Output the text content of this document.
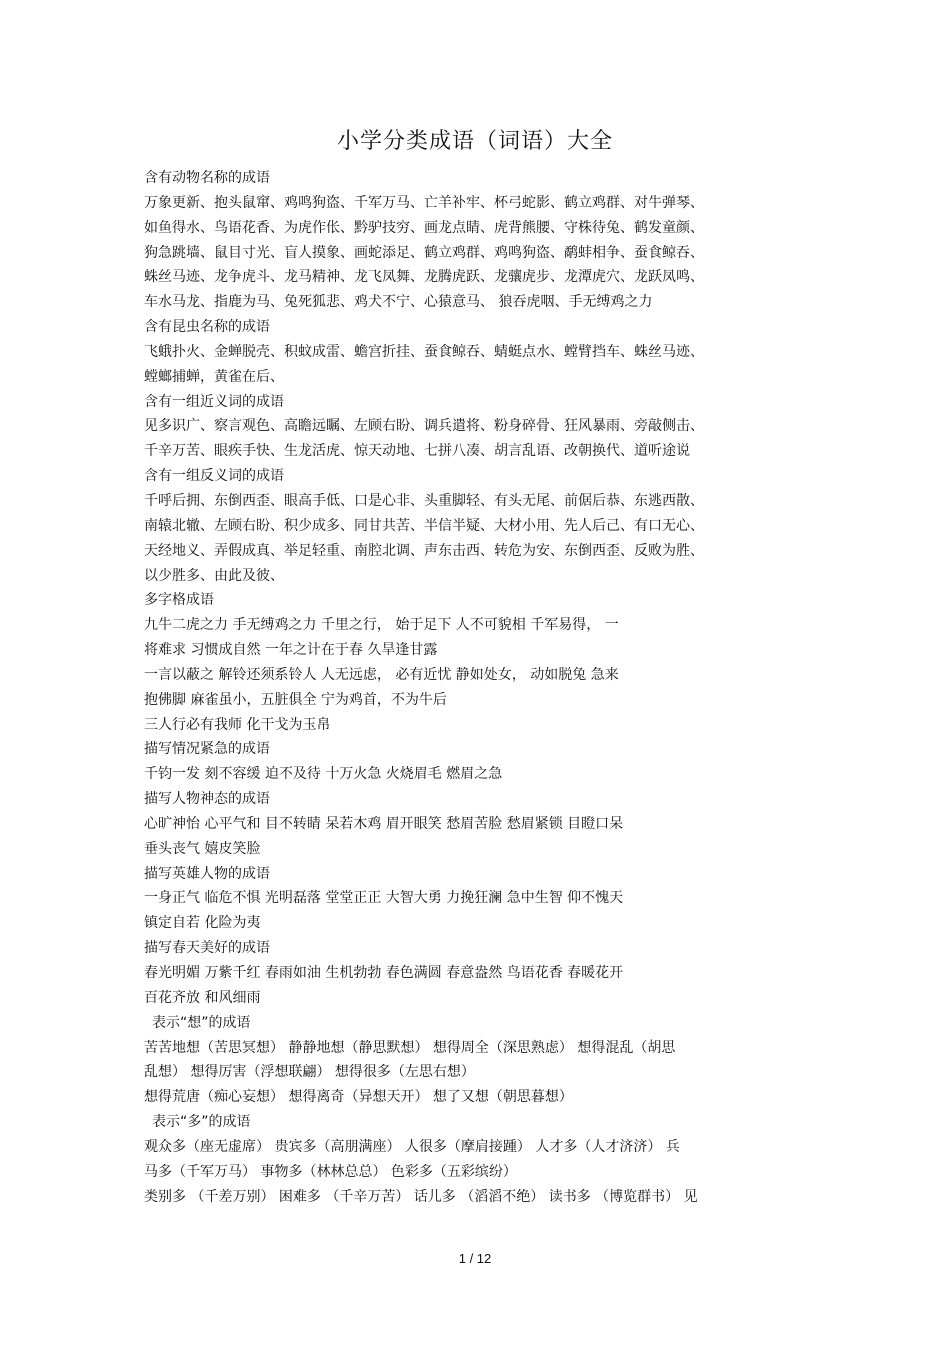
小学分类成语（词语）大全
含有动物名称的成语
万象更新、抱头鼠窜、鸡鸣狗盗、千军万马、亡羊补牢、杯弓蛇影、鹤立鸡群、对牛弹琴、
如鱼得水、鸟语花香、为虎作伥、黔驴技穷、画龙点睛、虎背熊腰、守株待兔、鹤发童颜、
狗急跳墙、鼠目寸光、盲人摸象、画蛇添足、鹤立鸡群、鸡鸣狗盗、鹬蚌相争、蚕食鲸吞、
蛛丝马迹、龙争虎斗、龙马精神、龙飞凤舞、龙腾虎跃、龙骧虎步、龙潭虎穴、龙跃凤鸣、
车水马龙、指鹿为马、兔死狐悲、鸡犬不宁、心猿意马、 狼吞虎咽、手无缚鸡之力
含有昆虫名称的成语
飞蛾扑火、金蝉脱壳、积蚊成雷、蟾宫折挂、蚕食鲸吞、蜻蜓点水、螳臂挡车、蛛丝马迹、
螳螂捕蝉，黄雀在后、
含有一组近义词的成语
见多识广、察言观色、高瞻远瞩、左顾右盼、调兵遣将、粉身碎骨、狂风暴雨、旁敲侧击、
千辛万苦、眼疾手快、生龙活虎、惊天动地、七拼八凑、胡言乱语、改朝换代、道听途说
含有一组反义词的成语
千呼后拥、东倒西歪、眼高手低、口是心非、头重脚轻、有头无尾、前倨后恭、东逃西散、
南辕北辙、左顾右盼、积少成多、同甘共苦、半信半疑、大材小用、先人后己、有口无心、
天经地义、弄假成真、举足轻重、南腔北调、声东击西、转危为安、东倒西歪、反败为胜、
以少胜多、由此及彼、
多字格成语
九牛二虎之力 手无缚鸡之力 千里之行， 始于足下 人不可貌相 千军易得， 一
将难求 习惯成自然 一年之计在于春 久旱逢甘露
一言以蔽之 解铃还须系铃人 人无远虑， 必有近忧 静如处女， 动如脱兔 急来
抱佛脚 麻雀虽小，五脏俱全 宁为鸡首，不为牛后
三人行必有我师 化干戈为玉帛
描写情况紧急的成语
千钧一发 刻不容缓 迫不及待 十万火急 火烧眉毛 燃眉之急
描写人物神态的成语
心旷神怡 心平气和 目不转睛 呆若木鸡 眉开眼笑 愁眉苦脸 愁眉紧锁 目瞪口呆
垂头丧气 嬉皮笑脸
描写英雄人物的成语
一身正气 临危不惧 光明磊落 堂堂正正 大智大勇 力挽狂澜 急中生智 仰不愧天
镇定自若 化险为夷
描写春天美好的成语
春光明媚 万紫千红 春雨如油 生机勃勃 春色满圆 春意盎然 鸟语花香 春暖花开
百花齐放 和风细雨
表示“想”的成语
苦苦地想（苦思冥想） 静静地想（静思默想） 想得周全（深思熟虑） 想得混乱（胡思
乱想） 想得厉害（浮想联翩） 想得很多（左思右想）
想得荒唐（痴心妄想） 想得离奇（异想天开） 想了又想（朝思暮想）
表示“多”的成语
观众多（座无虚席） 贵宾多（高朋满座） 人很多（摩肩接踵） 人才多（人才济济） 兵
马多（千军万马） 事物多（林林总总） 色彩多（五彩缤纷）
类别多 （千差万别） 困难多 （千辛万苦） 话儿多 （滔滔不绝） 读书多 （博览群书） 见
1 / 12
